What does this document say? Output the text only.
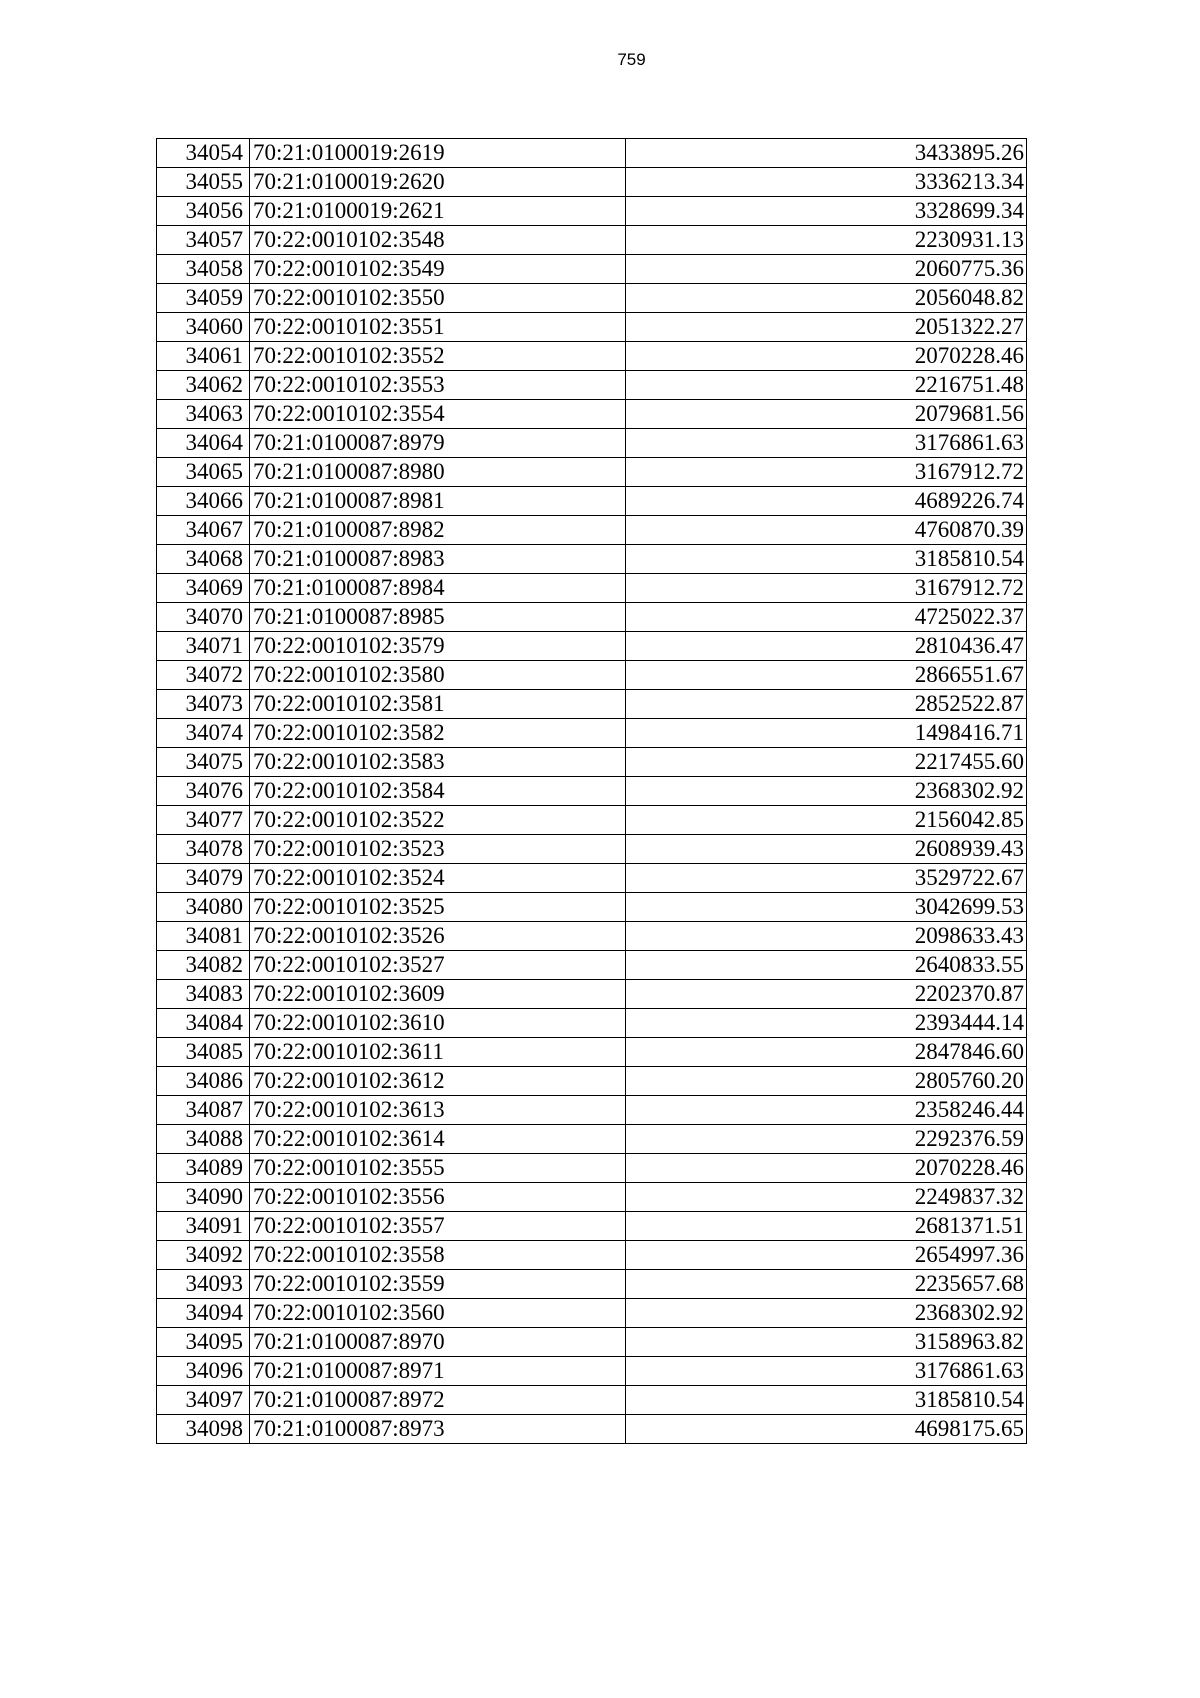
759
34054	70:21:0100019:2619	3433895.26
34055	70:21:0100019:2620	3336213.34
34056	70:21:0100019:2621	3328699.34
34057	70:22:0010102:3548	2230931.13
34058	70:22:0010102:3549	2060775.36
34059	70:22:0010102:3550	2056048.82
34060	70:22:0010102:3551	2051322.27
34061	70:22:0010102:3552	2070228.46
34062	70:22:0010102:3553	2216751.48
34063	70:22:0010102:3554	2079681.56
34064	70:21:0100087:8979	3176861.63
34065	70:21:0100087:8980	3167912.72
34066	70:21:0100087:8981	4689226.74
34067	70:21:0100087:8982	4760870.39
34068	70:21:0100087:8983	3185810.54
34069	70:21:0100087:8984	3167912.72
34070	70:21:0100087:8985	4725022.37
34071	70:22:0010102:3579	2810436.47
34072	70:22:0010102:3580	2866551.67
34073	70:22:0010102:3581	2852522.87
34074	70:22:0010102:3582	1498416.71
34075	70:22:0010102:3583	2217455.60
34076	70:22:0010102:3584	2368302.92
34077	70:22:0010102:3522	2156042.85
34078	70:22:0010102:3523	2608939.43
34079	70:22:0010102:3524	3529722.67
34080	70:22:0010102:3525	3042699.53
34081	70:22:0010102:3526	2098633.43
34082	70:22:0010102:3527	2640833.55
34083	70:22:0010102:3609	2202370.87
34084	70:22:0010102:3610	2393444.14
34085	70:22:0010102:3611	2847846.60
34086	70:22:0010102:3612	2805760.20
34087	70:22:0010102:3613	2358246.44
34088	70:22:0010102:3614	2292376.59
34089	70:22:0010102:3555	2070228.46
34090	70:22:0010102:3556	2249837.32
34091	70:22:0010102:3557	2681371.51
34092	70:22:0010102:3558	2654997.36
34093	70:22:0010102:3559	2235657.68
34094	70:22:0010102:3560	2368302.92
34095	70:21:0100087:8970	3158963.82
34096	70:21:0100087:8971	3176861.63
34097	70:21:0100087:8972	3185810.54
34098	70:21:0100087:8973	4698175.65
